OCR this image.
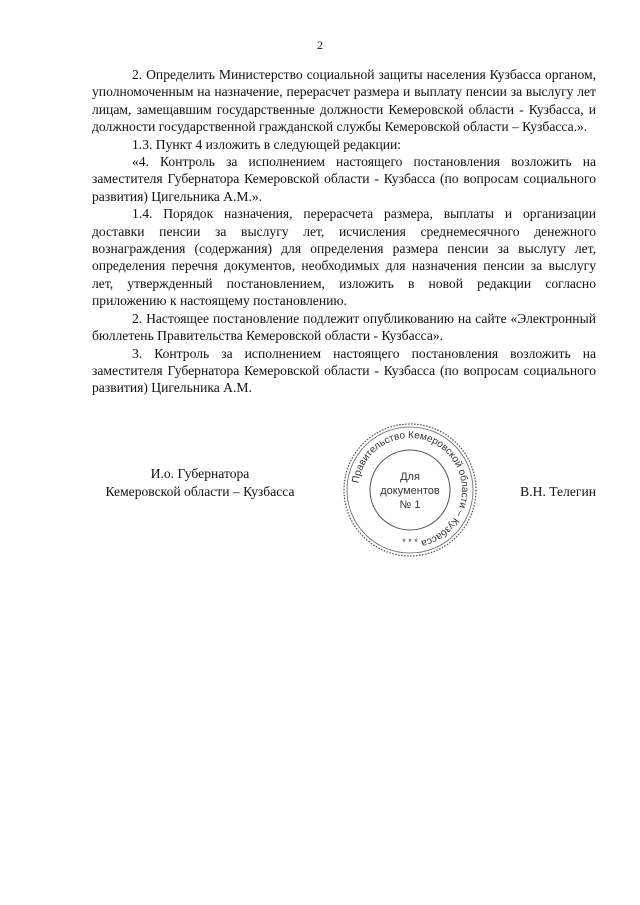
2

2. Определить Министерство социальной защиты населения Кузбасса органом, уполномоченным на назначение, перерасчет размера и выплату пенсии за выслугу лет лицам, замещавшим государственные должности Кемеровской области - Кузбасса, и должности государственной гражданской службы Кемеровской области – Кузбасса.».

1.3. Пункт 4 изложить в следующей редакции:

«4. Контроль за исполнением настоящего постановления возложить на заместителя Губернатора Кемеровской области - Кузбасса (по вопросам социального развития) Цигельника А.М.».

1.4. Порядок назначения, перерасчета размера, выплаты и организации доставки пенсии за выслугу лет, исчисления среднемесячного денежного вознаграждения (содержания) для определения размера пенсии за выслугу лет, определения перечня документов, необходимых для назначения пенсии за выслугу лет, утвержденный постановлением, изложить в новой редакции согласно приложению к настоящему постановлению.

2. Настоящее постановление подлежит опубликованию на сайте «Электронный бюллетень Правительства Кемеровской области - Кузбасса».

3. Контроль за исполнением настоящего постановления возложить на заместителя Губернатора Кемеровской области - Кузбасса (по вопросам социального развития) Цигельника А.М.

И.о. Губернатора
Кемеровской области – Кузбасса
Правительство Кемеровской области – Кузбасса
Для
документов
№ 1
* * *
В.Н. Телегин
